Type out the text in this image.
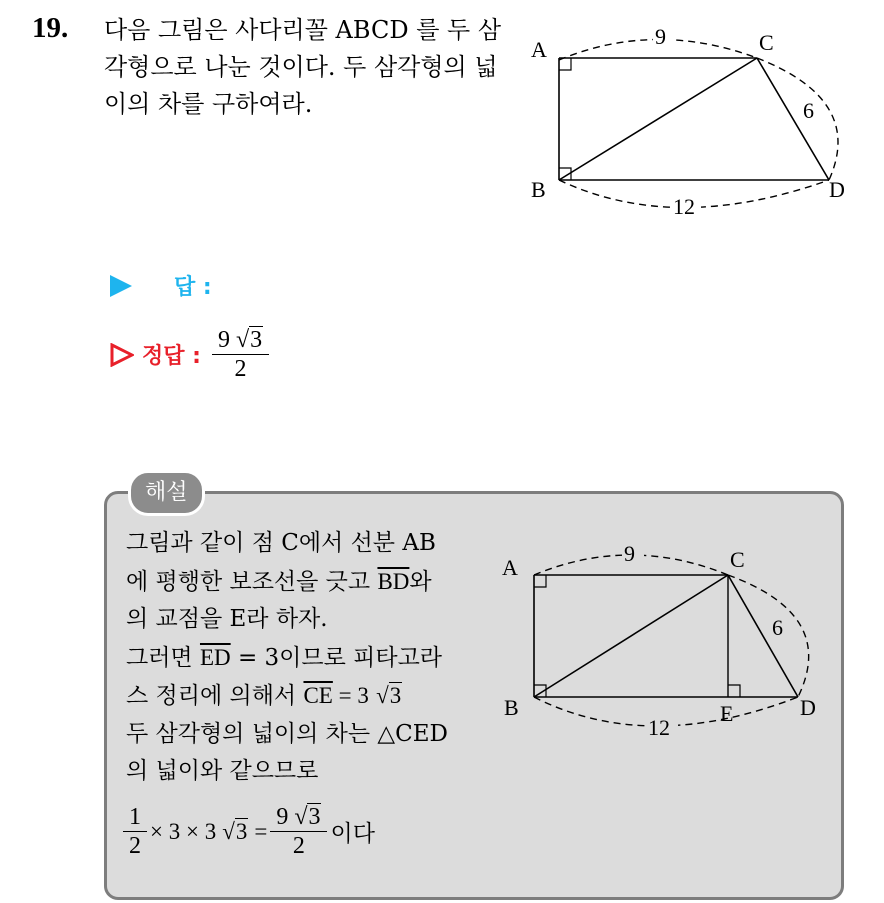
19. 다음 그림은 사다리꼴 ABCD 를 두 삼각형으로 나눈 것이다. 두 삼각형의 넓이의 차를 구하여라.
A
B
C
D
9
6
12
답 :
정답 : $\frac{9 √3}{2}$
해설
그림과 같이 점 C에서 선분 AB
에 평행한 보조선을 긋고 $\overline{BD}$와
의 교점을 E라 하자.
그러면 $\overline{ED} = 3$이므로 피타고라
스 정리에 의해서 $\overline{CE} = 3$ √3
두 삼각형의 넓이의 차는 △CED
의 넓이와 같으므로
$\frac{1}{2} \times 3 \times 3$ $√3 = \frac{9 √3}{2}$ 이다
A
B
C
D
E
9
6
12
